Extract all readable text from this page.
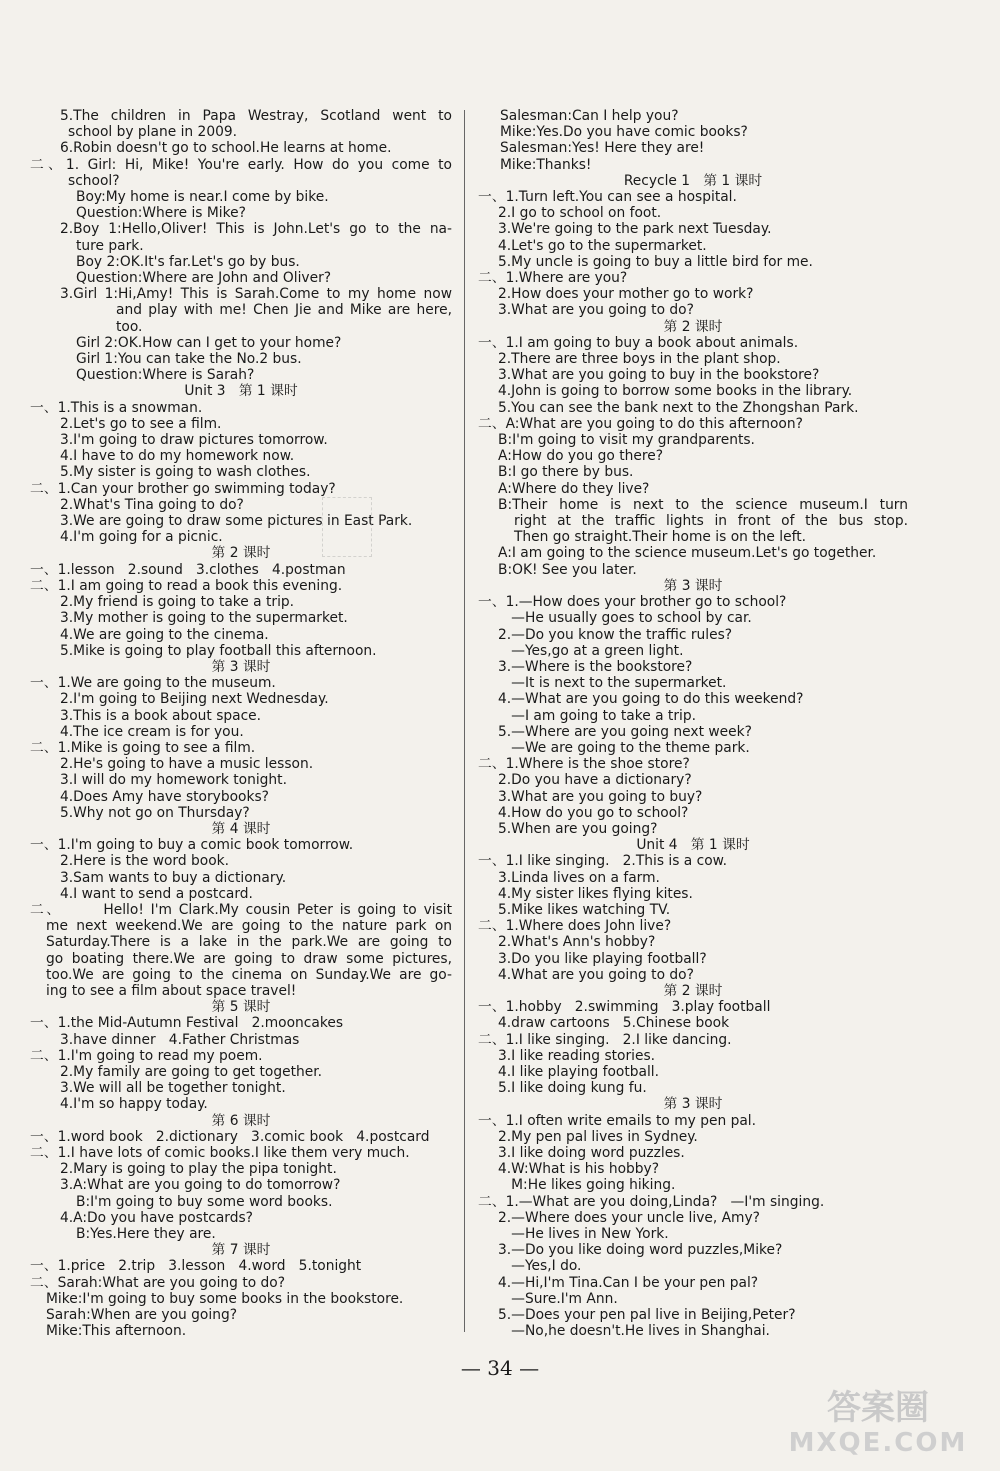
5.The children in Papa Westray, Scotland went to
school by plane in 2009.
6.Robin doesn't go to school.He learns at home.
二、1. Girl: Hi, Mike! You're early. How do you come to
school?
Boy:My home is near.I come by bike.
Question:Where is Mike?
2.Boy 1:Hello,Oliver! This is John.Let's go to the na-
ture park.
Boy 2:OK.It's far.Let's go by bus.
Question:Where are John and Oliver?
3.Girl 1:Hi,Amy! This is Sarah.Come to my home now
and play with me! Chen Jie and Mike are here,
too.
Girl 2:OK.How can I get to your home?
Girl 1:You can take the No.2 bus.
Question:Where is Sarah?
Unit 3   第 1 课时
一、1.This is a snowman.
2.Let's go to see a film.
3.I'm going to draw pictures tomorrow.
4.I have to do my homework now.
5.My sister is going to wash clothes.
二、1.Can your brother go swimming today?
2.What's Tina going to do?
3.We are going to draw some pictures in East Park.
4.I'm going for a picnic.
第 2 课时
一、1.lesson   2.sound   3.clothes   4.postman
二、1.I am going to read a book this evening.
2.My friend is going to take a trip.
3.My mother is going to the supermarket.
4.We are going to the cinema.
5.Mike is going to play football this afternoon.
第 3 课时
一、1.We are going to the museum.
2.I'm going to Beijing next Wednesday.
3.This is a book about space.
4.The ice cream is for you.
二、1.Mike is going to see a film.
2.He's going to have a music lesson.
3.I will do my homework tonight.
4.Does Amy have storybooks?
5.Why not go on Thursday?
第 4 课时
一、1.I'm going to buy a comic book tomorrow.
2.Here is the word book.
3.Sam wants to buy a dictionary.
4.I want to send a postcard.
二、      Hello! I'm Clark.My cousin Peter is going to visit
me next weekend.We are going to the nature park on
Saturday.There is a lake in the park.We are going to
go boating there.We are going to draw some pictures,
too.We are going to the cinema on Sunday.We are go-
ing to see a film about space travel!
第 5 课时
一、1.the Mid-Autumn Festival   2.mooncakes
3.have dinner   4.Father Christmas
二、1.I'm going to read my poem.
2.My family are going to get together.
3.We will all be together tonight.
4.I'm so happy today.
第 6 课时
一、1.word book   2.dictionary   3.comic book   4.postcard
二、1.I have lots of comic books.I like them very much.
2.Mary is going to play the pipa tonight.
3.A:What are you going to do tomorrow?
B:I'm going to buy some word books.
4.A:Do you have postcards?
B:Yes.Here they are.
第 7 课时
一、1.price   2.trip   3.lesson   4.word   5.tonight
二、Sarah:What are you going to do?
Mike:I'm going to buy some books in the bookstore.
Sarah:When are you going?
Mike:This afternoon.
Salesman:Can I help you?
Mike:Yes.Do you have comic books?
Salesman:Yes! Here they are!
Mike:Thanks!
Recycle 1   第 1 课时
一、1.Turn left.You can see a hospital.
2.I go to school on foot.
3.We're going to the park next Tuesday.
4.Let's go to the supermarket.
5.My uncle is going to buy a little bird for me.
二、1.Where are you?
2.How does your mother go to work?
3.What are you going to do?
第 2 课时
一、1.I am going to buy a book about animals.
2.There are three boys in the plant shop.
3.What are you going to buy in the bookstore?
4.John is going to borrow some books in the library.
5.You can see the bank next to the Zhongshan Park.
二、A:What are you going to do this afternoon?
B:I'm going to visit my grandparents.
A:How do you go there?
B:I go there by bus.
A:Where do they live?
B:Their home is next to the science museum.I turn
right at the traffic lights in front of the bus stop.
Then go straight.Their home is on the left.
A:I am going to the science museum.Let's go together.
B:OK! See you later.
第 3 课时
一、1.—How does your brother go to school?
—He usually goes to school by car.
2.—Do you know the traffic rules?
—Yes,go at a green light.
3.—Where is the bookstore?
—It is next to the supermarket.
4.—What are you going to do this weekend?
—I am going to take a trip.
5.—Where are you going next week?
—We are going to the theme park.
二、1.Where is the shoe store?
2.Do you have a dictionary?
3.What are you going to buy?
4.How do you go to school?
5.When are you going?
Unit 4   第 1 课时
一、1.I like singing.   2.This is a cow.
3.Linda lives on a farm.
4.My sister likes flying kites.
5.Mike likes watching TV.
二、1.Where does John live?
2.What's Ann's hobby?
3.Do you like playing football?
4.What are you going to do?
第 2 课时
一、1.hobby   2.swimming   3.play football
4.draw cartoons   5.Chinese book
二、1.I like singing.   2.I like dancing.
3.I like reading stories.
4.I like playing football.
5.I like doing kung fu.
第 3 课时
一、1.I often write emails to my pen pal.
2.My pen pal lives in Sydney.
3.I like doing word puzzles.
4.W:What is his hobby?
M:He likes going hiking.
二、1.—What are you doing,Linda?   —I'm singing.
2.—Where does your uncle live, Amy?
—He lives in New York.
3.—Do you like doing word puzzles,Mike?
—Yes,I do.
4.—Hi,I'm Tina.Can I be your pen pal?
—Sure.I'm Ann.
5.—Does your pen pal live in Beijing,Peter?
—No,he doesn't.He lives in Shanghai.
— 34 —
答案圈
MXQE.COM
